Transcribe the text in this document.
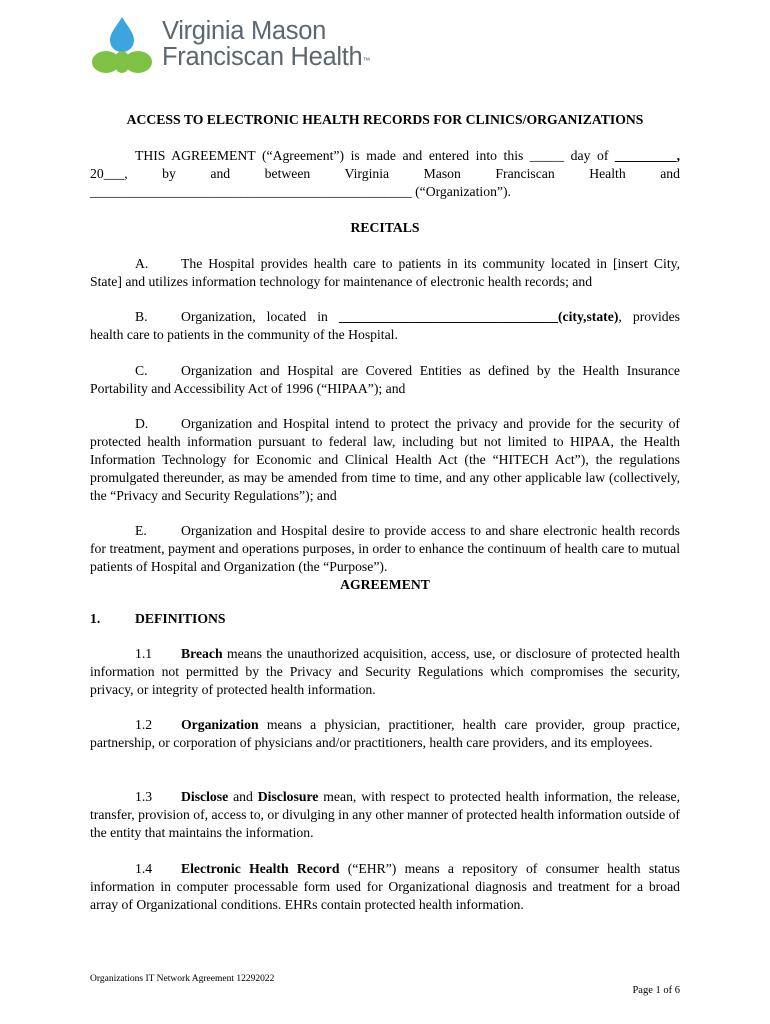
Virginia Mason
Franciscan Health™
ACCESS TO ELECTRONIC HEALTH RECORDS FOR CLINICS/ORGANIZATIONS

THIS AGREEMENT (“Agreement”) is made and entered into this _____ day of _________, 20___, by and between Virginia Mason Franciscan Health and _______________________________________________ (“Organization”).

RECITALS

A. The Hospital provides health care to patients in its community located in [insert City, State] and utilizes information technology for maintenance of electronic health records; and

B. Organization, located in ________________________________(city,state), provides health care to patients in the community of the Hospital.

C. Organization and Hospital are Covered Entities as defined by the Health Insurance Portability and Accessibility Act of 1996 (“HIPAA”); and

D. Organization and Hospital intend to protect the privacy and provide for the security of protected health information pursuant to federal law, including but not limited to HIPAA, the Health Information Technology for Economic and Clinical Health Act (the “HITECH Act”), the regulations promulgated thereunder, as may be amended from time to time, and any other applicable law (collectively, the “Privacy and Security Regulations”); and

E. Organization and Hospital desire to provide access to and share electronic health records for treatment, payment and operations purposes, in order to enhance the continuum of health care to mutual patients of Hospital and Organization (the “Purpose”).

AGREEMENT

1.	DEFINITIONS

1.1 Breach means the unauthorized acquisition, access, use, or disclosure of protected health information not permitted by the Privacy and Security Regulations which compromises the security, privacy, or integrity of protected health information.

1.2 Organization means a physician, practitioner, health care provider, group practice, partnership, or corporation of physicians and/or practitioners, health care providers, and its employees.

1.3 Disclose and Disclosure mean, with respect to protected health information, the release, transfer, provision of, access to, or divulging in any other manner of protected health information outside of the entity that maintains the information.

1.4 Electronic Health Record (“EHR”) means a repository of consumer health status information in computer processable form used for Organizational diagnosis and treatment for a broad array of Organizational conditions. EHRs contain protected health information.

Organizations IT Network Agreement 12292022
Page 1 of 6
